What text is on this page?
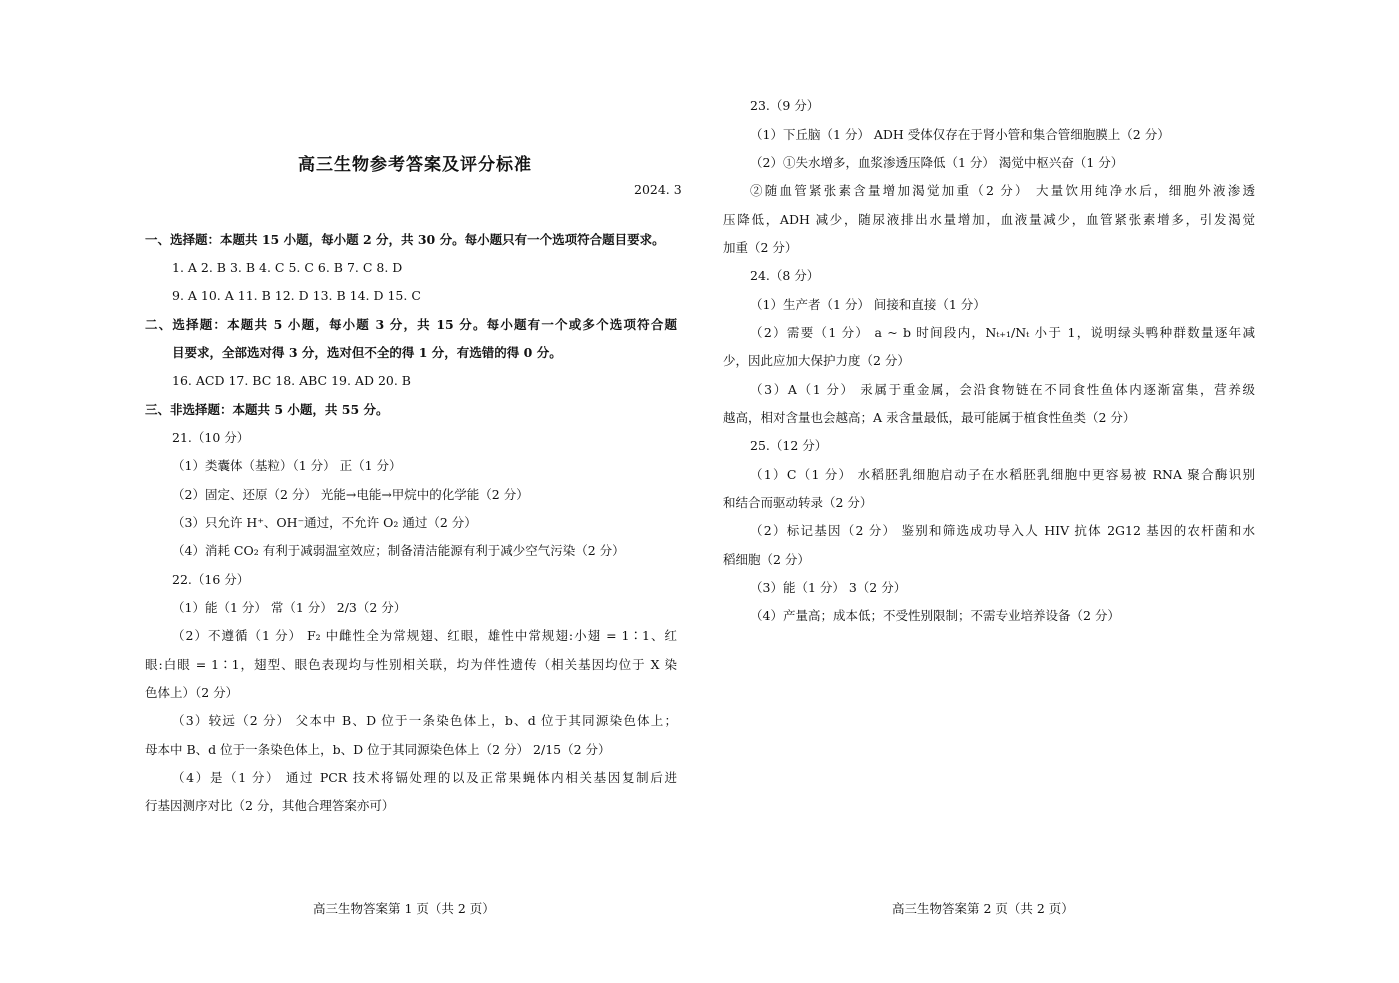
高三生物参考答案及评分标准
2024. 3
一、选择题：本题共 15 小题，每小题 2 分，共 30 分。每小题只有一个选项符合题目要求。
1. A 2. B 3. B 4. C 5. C 6. B 7. C 8. D
9. A 10. A 11. B 12. D 13. B 14. D 15. C
二、选择题：本题共 5 小题，每小题 3 分，共 15 分。每小题有一个或多个选项符合题
目要求，全部选对得 3 分，选对但不全的得 1 分，有选错的得 0 分。
16. ACD 17. BC 18. ABC 19. AD 20. B
三、非选择题：本题共 5 小题，共 55 分。
21.（10 分）
（1）类囊体（基粒）（1 分） 正（1 分）
（2）固定、还原（2 分） 光能→电能→甲烷中的化学能（2 分）
（3）只允许 H⁺、OH⁻通过，不允许 O₂ 通过（2 分）
（4）消耗 CO₂ 有利于减弱温室效应；制备清洁能源有利于减少空气污染（2 分）
22.（16 分）
（1）能（1 分） 常（1 分） 2/3（2 分）
（2）不遵循（1 分） F₂ 中雌性全为常规翅、红眼，雄性中常规翅:小翅 = 1∶1、红
眼:白眼 = 1∶1，翅型、眼色表现均与性别相关联，均为伴性遗传（相关基因均位于 X 染
色体上）（2 分）
（3）较远（2 分） 父本中 B、D 位于一条染色体上，b、d 位于其同源染色体上；
母本中 B、d 位于一条染色体上，b、D 位于其同源染色体上（2 分） 2/15（2 分）
（4）是（1 分） 通过 PCR 技术将镉处理的以及正常果蝇体内相关基因复制后进
行基因测序对比（2 分，其他合理答案亦可）
23.（9 分）
（1）下丘脑（1 分） ADH 受体仅存在于肾小管和集合管细胞膜上（2 分）
（2）①失水增多，血浆渗透压降低（1 分） 渴觉中枢兴奋（1 分）
②随血管紧张素含量增加渴觉加重（2 分） 大量饮用纯净水后，细胞外液渗透
压降低，ADH 减少，随尿液排出水量增加，血液量减少，血管紧张素增多，引发渴觉
加重（2 分）
24.（8 分）
（1）生产者（1 分） 间接和直接（1 分）
（2）需要（1 分） a ~ b 时间段内，Nₜ₊₁/Nₜ 小于 1，说明绿头鸭种群数量逐年减
少，因此应加大保护力度（2 分）
（3）A（1 分） 汞属于重金属，会沿食物链在不同食性鱼体内逐渐富集，营养级
越高，相对含量也会越高；A 汞含量最低，最可能属于植食性鱼类（2 分）
25.（12 分）
（1）C（1 分） 水稻胚乳细胞启动子在水稻胚乳细胞中更容易被 RNA 聚合酶识别
和结合而驱动转录（2 分）
（2）标记基因（2 分） 鉴别和筛选成功导入人 HIV 抗体 2G12 基因的农杆菌和水
稻细胞（2 分）
（3）能（1 分） 3（2 分）
（4）产量高；成本低；不受性别限制；不需专业培养设备（2 分）
高三生物答案第 1 页（共 2 页）	高三生物答案第 2 页（共 2 页）
